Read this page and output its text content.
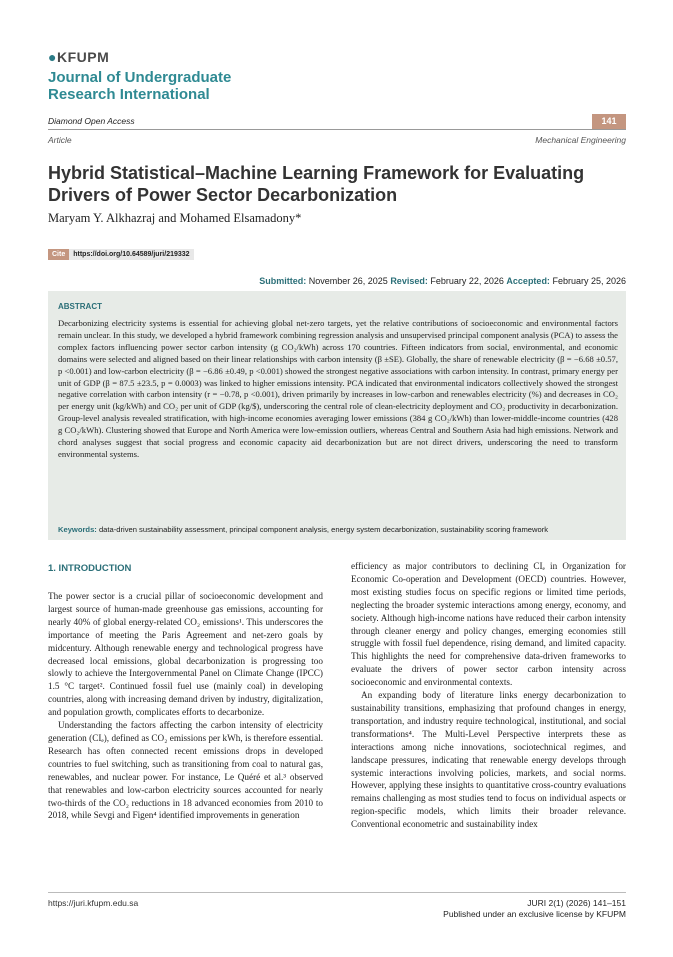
●KFUPM
Journal of Undergraduate
Research International
Diamond Open Access	141
Article	Mechanical Engineering
Hybrid Statistical–Machine Learning Framework for Evaluating Drivers of Power Sector Decarbonization
Maryam Y. Alkhazraj and Mohamed Elsamadony*
Cite https://doi.org/10.64589/juri/219332
Submitted: November 26, 2025 Revised: February 22, 2026 Accepted: February 25, 2026
ABSTRACT
Decarbonizing electricity systems is essential for achieving global net-zero targets, yet the relative contributions of socioeconomic and environmental factors remain unclear. In this study, we developed a hybrid framework combining regression analysis and unsupervised principal component analysis (PCA) to assess the complex factors influencing power sector carbon intensity (g CO₂/kWh) across 170 countries. Fifteen indicators from social, environmental, and economic domains were selected and aligned based on their linear relationships with carbon intensity (β ±SE). Globally, the share of renewable electricity (β = −6.68 ±0.57, p <0.001) and low-carbon electricity (β = −6.86 ±0.49, p <0.001) showed the strongest negative associations with carbon intensity. In contrast, primary energy per unit of GDP (β = 87.5 ±23.5, p = 0.0003) was linked to higher emissions intensity. PCA indicated that environmental indicators collectively showed the strongest negative correlation with carbon intensity (r = −0.78, p <0.001), driven primarily by increases in low-carbon and renewables electricity (%) and decreases in CO₂ per energy unit (kg/kWh) and CO₂ per unit of GDP (kg/$), underscoring the central role of clean-electricity deployment and CO₂ productivity in decarbonization. Group-level analysis revealed stratification, with high-income economies averaging lower emissions (384 g CO₂/kWh) than lower-middle-income countries (428 g CO₂/kWh). Clustering showed that Europe and North America were low-emission outliers, whereas Central and Southern Asia had high emissions. Network and chord analyses suggest that social progress and economic capacity aid decarbonization but are not direct drivers, underscoring the need to transform environmental systems.
Keywords: data-driven sustainability assessment, principal component analysis, energy system decarbonization, sustainability scoring framework
1. INTRODUCTION

The power sector is a crucial pillar of socioeconomic development and largest source of human-made greenhouse gas emissions, accounting for nearly 40% of global energy-related CO₂ emissions¹. This underscores the importance of meeting the Paris Agreement and net-zero goals by midcentury. Although renewable energy and technological progress have decreased local emissions, global decarbonization is progressing too slowly to achieve the Intergovernmental Panel on Climate Change (IPCC) 1.5 °C target². Continued fossil fuel use (mainly coal) in developing countries, along with increasing demand driven by industry, digitalization, and population growth, complicates efforts to decarbonize.

Understanding the factors affecting the carbon intensity of electricity generation (CIₑ), defined as CO₂ emissions per kWh, is therefore essential. Research has often connected recent emissions drops in developed countries to fuel switching, such as transitioning from coal to natural gas, renewables, and nuclear power. For instance, Le Quéré et al.³ observed that renewables and low-carbon electricity sources accounted for nearly two-thirds of the CO₂ reductions in 18 advanced economies from 2010 to 2018, while Sevgi and Figen⁴ identified improvements in generation

efficiency as major contributors to declining CIₑ in Organization for Economic Co-operation and Development (OECD) countries. However, most existing studies focus on specific regions or limited time periods, neglecting the broader systemic interactions among energy, economy, and society. Although high-income nations have reduced their carbon intensity through cleaner energy and policy changes, emerging economies still struggle with fossil fuel dependence, rising demand, and limited capacity. This highlights the need for comprehensive data-driven frameworks to evaluate the drivers of power sector carbon intensity across socioeconomic and environmental contexts.

An expanding body of literature links energy decarbonization to sustainability transitions, emphasizing that profound changes in energy, transportation, and industry require technological, institutional, and social transformations⁴. The Multi-Level Perspective interprets these as interactions among niche innovations, sociotechnical regimes, and landscape pressures, indicating that renewable energy develops through systemic interactions involving policies, markets, and social norms. However, applying these insights to quantitative cross-country evaluations remains challenging as most studies tend to focus on individual aspects or region-specific models, which limits their broader relevance. Conventional econometric and sustainability index

https://juri.kfupm.edu.sa	JURI 2(1) (2026) 141–151
Published under an exclusive license by KFUPM
